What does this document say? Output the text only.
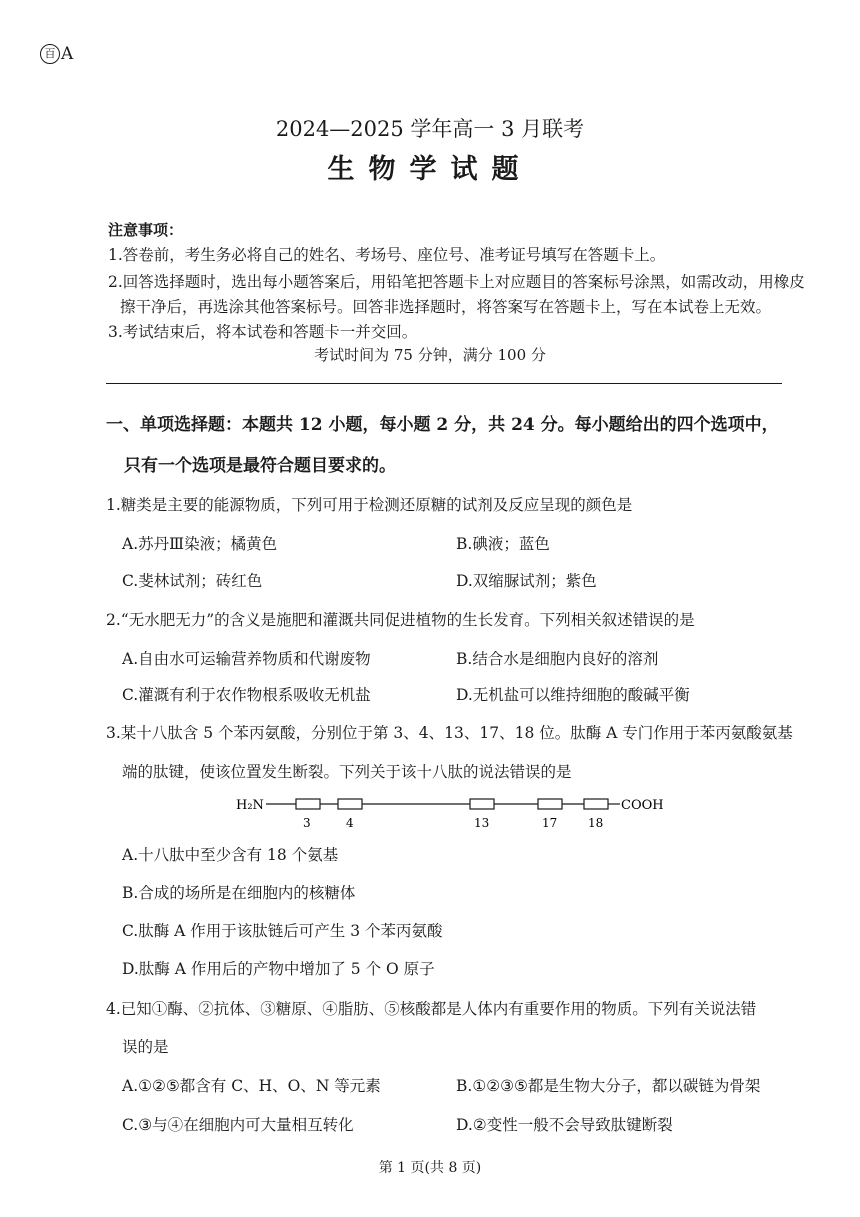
百 A
2024—2025 学年高一 3 月联考
生物学试题
注意事项：
1.答卷前，考生务必将自己的姓名、考场号、座位号、准考证号填写在答题卡上。
2.回答选择题时，选出每小题答案后，用铅笔把答题卡上对应题目的答案标号涂黑，如需改动，用橡皮
擦干净后，再选涂其他答案标号。回答非选择题时，将答案写在答题卡上，写在本试卷上无效。
3.考试结束后，将本试卷和答题卡一并交回。
考试时间为 75 分钟，满分 100 分
一、单项选择题：本题共 12 小题，每小题 2 分，共 24 分。每小题给出的四个选项中，
只有一个选项是最符合题目要求的。
1.糖类是主要的能源物质，下列可用于检测还原糖的试剂及反应呈现的颜色是
A.苏丹Ⅲ染液；橘黄色	B.碘液；蓝色
C.斐林试剂；砖红色	D.双缩脲试剂；紫色
2.“无水肥无力”的含义是施肥和灌溉共同促进植物的生长发育。下列相关叙述错误的是
A.自由水可运输营养物质和代谢废物	B.结合水是细胞内良好的溶剂
C.灌溉有利于农作物根系吸收无机盐	D.无机盐可以维持细胞的酸碱平衡
3.某十八肽含 5 个苯丙氨酸，分别位于第 3、4、13、17、18 位。肽酶 A 专门作用于苯丙氨酸氨基
端的肽键，使该位置发生断裂。下列关于该十八肽的说法错误的是
H₂N	COOH
3	4	13	17	18
A.十八肽中至少含有 18 个氨基
B.合成的场所是在细胞内的核糖体
C.肽酶 A 作用于该肽链后可产生 3 个苯丙氨酸
D.肽酶 A 作用后的产物中增加了 5 个 O 原子
4.已知①酶、②抗体、③糖原、④脂肪、⑤核酸都是人体内有重要作用的物质。下列有关说法错
误的是
A.①②⑤都含有 C、H、O、N 等元素	B.①②③⑤都是生物大分子，都以碳链为骨架
C.③与④在细胞内可大量相互转化	D.②变性一般不会导致肽键断裂
第 1 页(共 8 页)
